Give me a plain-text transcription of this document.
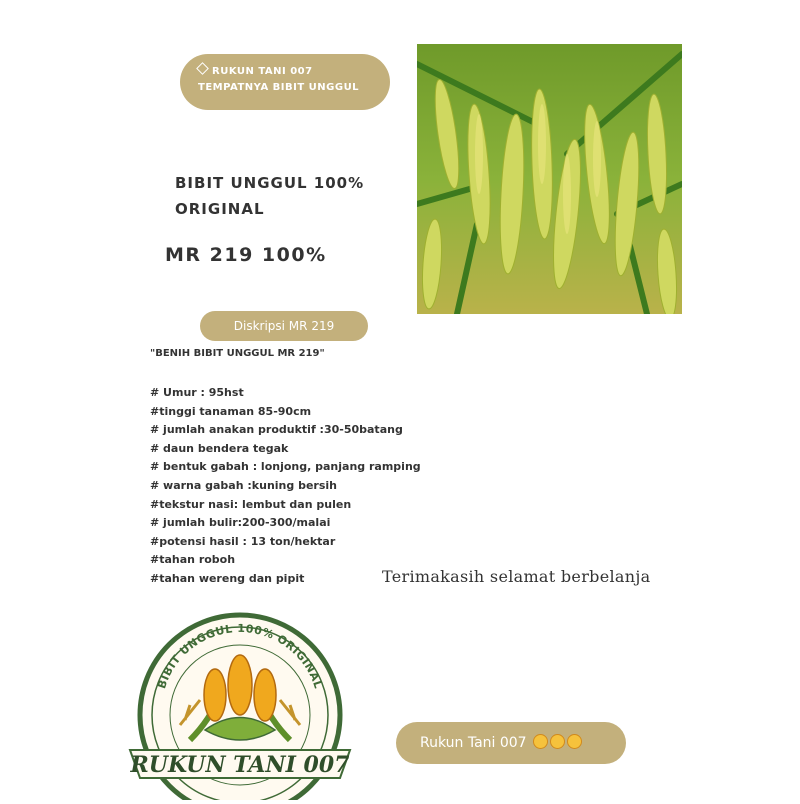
RUKUN TANI 007
TEMPATNYA BIBIT UNGGUL
BIBIT UNGGUL 100%
ORIGINAL
MR 219 100%
Diskripsi MR 219
"BENIH BIBIT UNGGUL MR 219"
# Umur : 95hst
#tinggi tanaman 85-90cm
# jumlah anakan produktif :30-50batang
# daun bendera tegak
# bentuk gabah : lonjong, panjang ramping
# warna gabah :kuning bersih
#tekstur nasi: lembut dan pulen
# jumlah bulir:200-300/malai
#potensi hasil : 13 ton/hektar
#tahan roboh
#tahan wereng dan pipit	Terimakasih selamat berbelanja
BIBIT UNGGUL 100% ORIGINAL
RUKUN TANI 007
Rukun Tani 007
